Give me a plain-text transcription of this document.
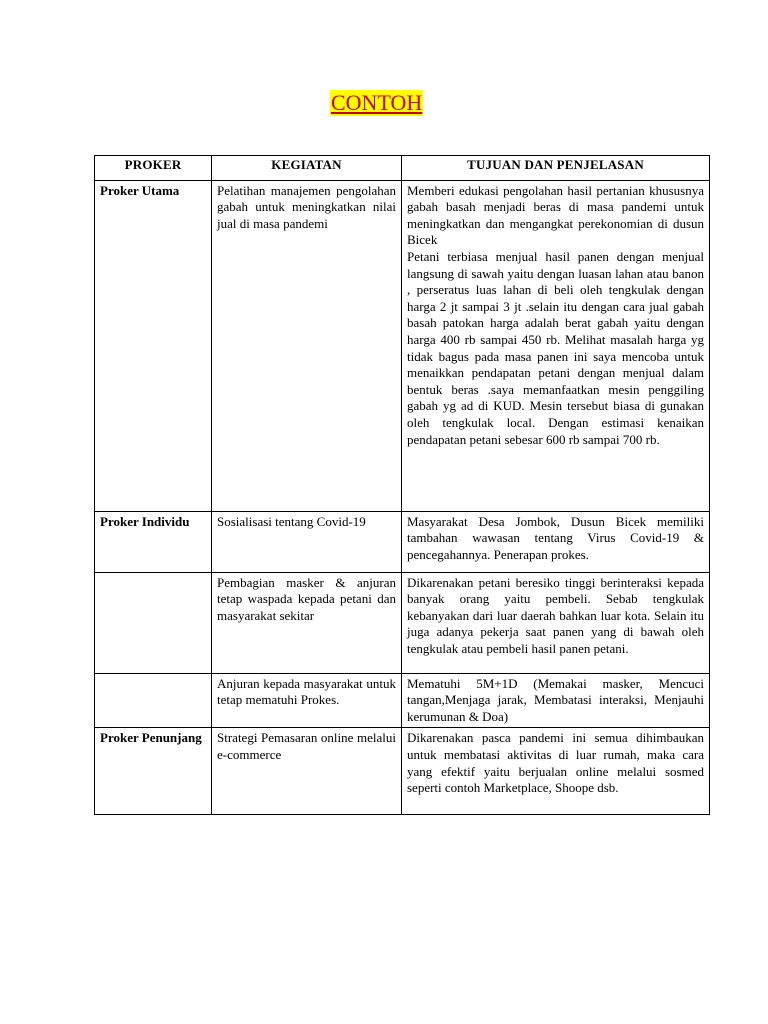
CONTOH
PROKER	KEGIATAN	TUJUAN DAN PENJELASAN
Proker Utama	Pelatihan manajemen pengolahan gabah untuk meningkatkan nilai jual di masa pandemi	Memberi edukasi pengolahan hasil pertanian khususnya gabah basah menjadi beras di masa pandemi untuk meningkatkan dan mengangkat perekonomian di dusun Bicek
Petani terbiasa menjual hasil panen dengan menjual langsung di sawah yaitu dengan luasan lahan atau banon , perseratus luas lahan di beli oleh tengkulak dengan harga 2 jt sampai 3 jt .selain itu dengan cara jual gabah basah patokan harga adalah berat gabah yaitu dengan harga 400 rb sampai 450 rb. Melihat masalah harga yg tidak bagus pada masa panen ini saya mencoba untuk menaikkan pendapatan petani dengan menjual dalam bentuk beras .saya memanfaatkan mesin penggiling gabah yg ad di KUD. Mesin tersebut biasa di gunakan oleh tengkulak local. Dengan estimasi kenaikan pendapatan petani sebesar 600 rb sampai 700 rb.

Proker Individu	Sosialisasi tentang Covid-19	Masyarakat Desa Jombok, Dusun Bicek memiliki tambahan wawasan tentang Virus Covid-19 & pencegahannya. Penerapan prokes.

	Pembagian masker & anjuran tetap waspada kepada petani dan masyarakat sekitar	Dikarenakan petani beresiko tinggi berinteraksi kepada banyak orang yaitu pembeli. Sebab tengkulak kebanyakan dari luar daerah bahkan luar kota. Selain itu juga adanya pekerja saat panen yang di bawah oleh tengkulak atau pembeli hasil panen petani.

	Anjuran kepada masyarakat untuk tetap mematuhi Prokes.	Mematuhi 5M+1D (Memakai masker, Mencuci tangan,Menjaga jarak, Membatasi interaksi, Menjauhi kerumunan & Doa)

Proker Penunjang	Strategi Pemasaran online melalui e-commerce	Dikarenakan pasca pandemi ini semua dihimbaukan untuk membatasi aktivitas di luar rumah, maka cara yang efektif yaitu berjualan online melalui sosmed seperti contoh Marketplace, Shoope dsb.
